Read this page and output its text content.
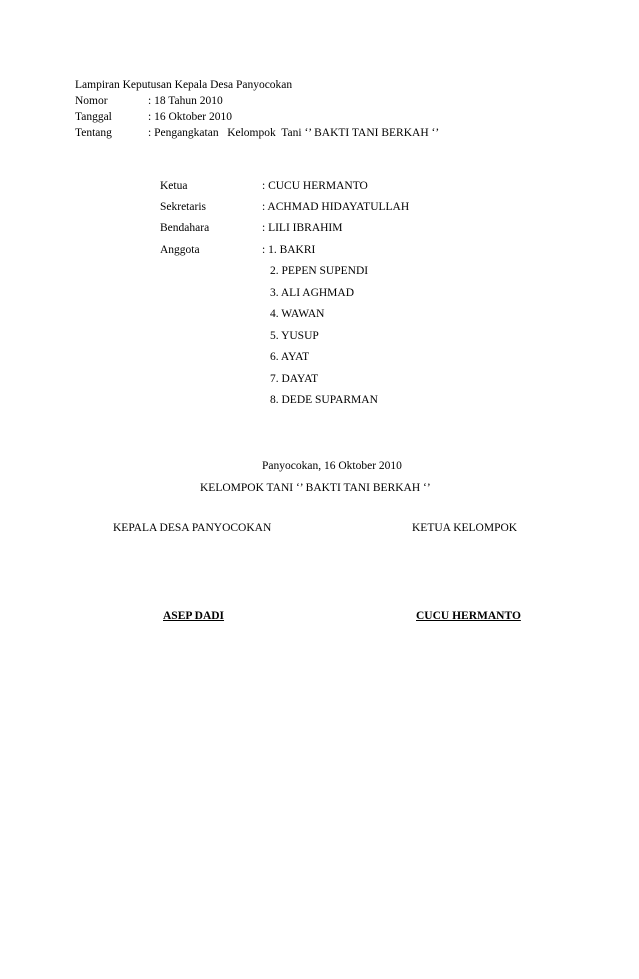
Lampiran Keputusan Kepala Desa Panyocokan
Nomor	: 18 Tahun 2010
Tanggal	: 16 Oktober 2010
Tentang	: Pengangkatan   Kelompok  Tani ‘’ BAKTI TANI BERKAH ‘’
Ketua	: CUCU HERMANTO
Sekretaris	: ACHMAD HIDAYATULLAH
Bendahara	: LILI IBRAHIM
Anggota	: 1. BAKRI
2. PEPEN SUPENDI
3. ALI AGHMAD
4. WAWAN
5. YUSUP
6. AYAT
7. DAYAT
8. DEDE SUPARMAN
Panyocokan, 16 Oktober 2010
KELOMPOK TANI ‘’ BAKTI TANI BERKAH ‘’
KEPALA DESA PANYOCOKAN	KETUA KELOMPOK
ASEP DADI	CUCU HERMANTO
